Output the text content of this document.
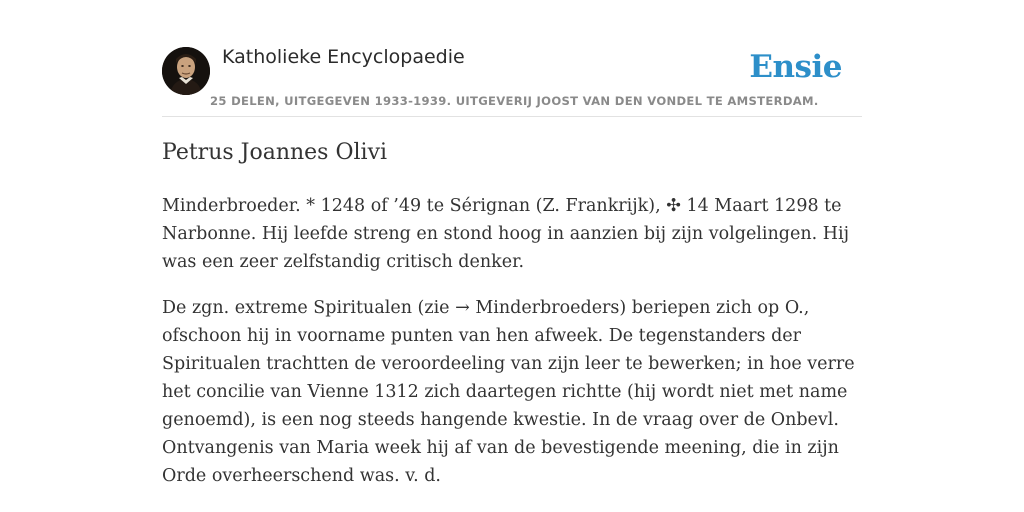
Katholieke Encyclopaedie	Ensie
25 DELEN, UITGEGEVEN 1933-1939. UITGEVERIJ JOOST VAN DEN VONDEL TE AMSTERDAM.
Petrus Joannes Olivi

Minderbroeder. * 1248 of ’49 te Sérignan (Z. Frankrijk), ✣ 14 Maart 1298 te Narbonne. Hij leefde streng en stond hoog in aanzien bij zijn volgelingen. Hij was een zeer zelfstandig critisch denker.

De zgn. extreme Spiritualen (zie → Minderbroeders) beriepen zich op O., ofschoon hij in voorname punten van hen afweek. De tegenstanders der Spiritualen trachtten de veroordeeling van zijn leer te bewerken; in hoe verre het concilie van Vienne 1312 zich daartegen richtte (hij wordt niet met name genoemd), is een nog steeds hangende kwestie. In de vraag over de Onbevl. Ontvangenis van Maria week hij af van de bevestigende meening, die in zijn Orde overheerschend was. v. d.
